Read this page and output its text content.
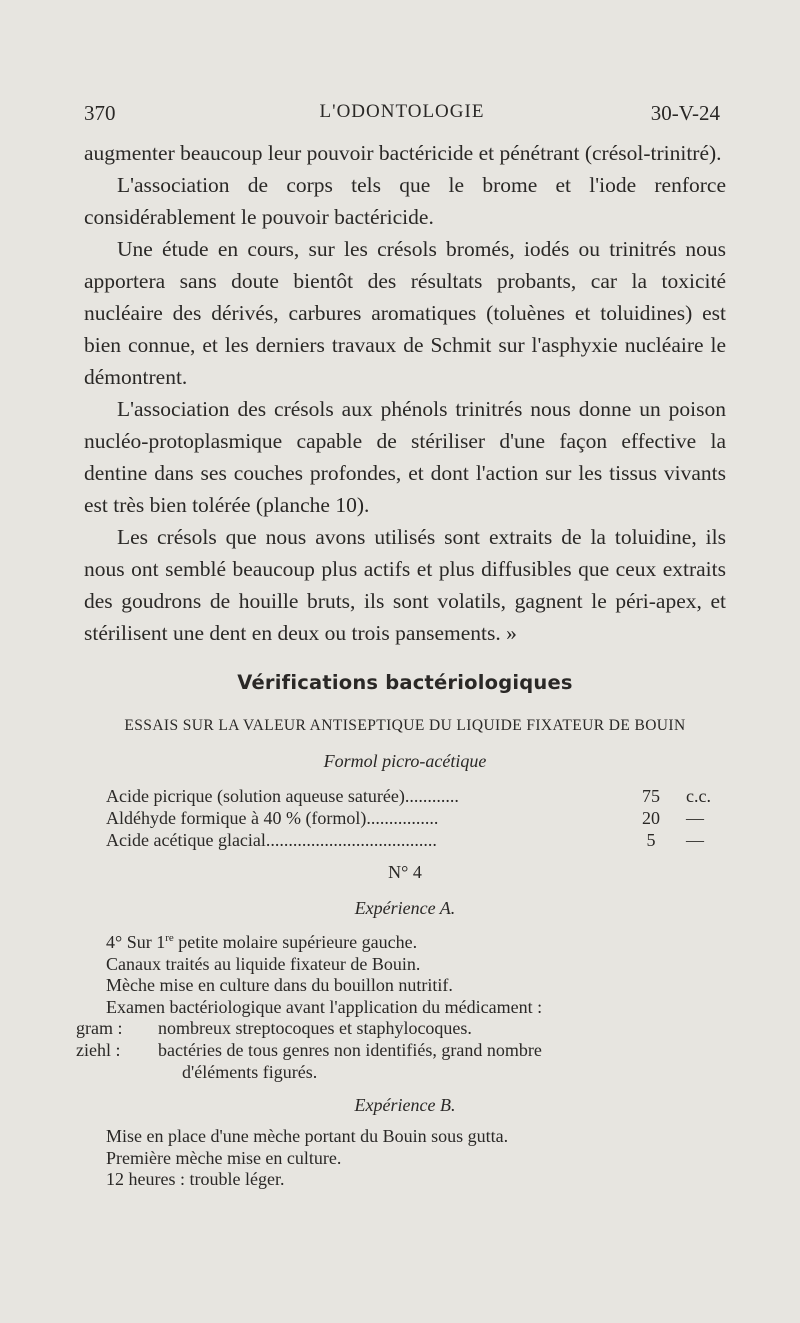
370	L'ODONTOLOGIE	30-V-24

augmenter beaucoup leur pouvoir bactéricide et pénétrant (crésol-trinitré).

L'association de corps tels que le brome et l'iode renforce considérablement le pouvoir bactéricide.

Une étude en cours, sur les crésols bromés, iodés ou trinitrés nous apportera sans doute bientôt des résultats probants, car la toxicité nucléaire des dérivés, carbures aromatiques (toluènes et toluidines) est bien connue, et les derniers travaux de Schmit sur l'asphyxie nucléaire le démontrent.

L'association des crésols aux phénols trinitrés nous donne un poison nucléo-protoplasmique capable de stériliser d'une façon effective la dentine dans ses couches profondes, et dont l'action sur les tissus vivants est très bien tolérée (planche 10).

Les crésols que nous avons utilisés sont extraits de la toluidine, ils nous ont semblé beaucoup plus actifs et plus diffusibles que ceux extraits des goudrons de houille bruts, ils sont volatils, gagnent le péri-apex, et stérilisent une dent en deux ou trois pansements. »

Vérifications bactériologiques
ESSAIS SUR LA VALEUR ANTISEPTIQUE DU LIQUIDE FIXATEUR DE BOUIN
Formol picro-acétique
Acide picrique (solution aqueuse saturée)............	75	c.c.
Aldéhyde formique à 40 % (formol)................	20	—
Acide acétique glacial......................................	5	—
N° 4
Expérience A.
4° Sur 1re petite molaire supérieure gauche.
Canaux traités au liquide fixateur de Bouin.
Mèche mise en culture dans du bouillon nutritif.
Examen bactériologique avant l'application du médicament :
gram : nombreux streptocoques et staphylocoques.
ziehl : bactéries de tous genres non identifiés, grand nombre
d'éléments figurés.
Expérience B.
Mise en place d'une mèche portant du Bouin sous gutta.
Première mèche mise en culture.
12 heures : trouble léger.
